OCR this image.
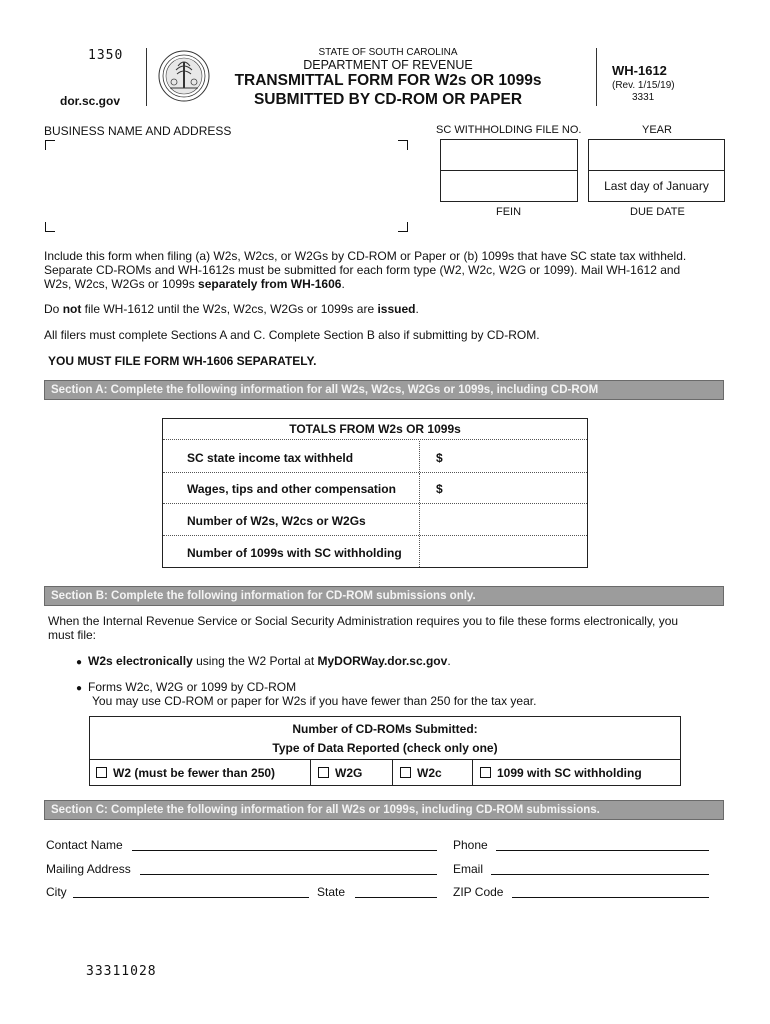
1350
dor.sc.gov
STATE OF SOUTH CAROLINA
DEPARTMENT OF REVENUE
TRANSMITTAL FORM FOR W2s OR 1099s
SUBMITTED BY CD-ROM OR PAPER
WH-1612
(Rev. 1/15/19)
3331
BUSINESS NAME AND ADDRESS	SC WITHHOLDING FILE NO.	YEAR
Last day of January
FEIN	DUE DATE
Include this form when filing (a) W2s, W2cs, or W2Gs by CD-ROM or Paper or (b) 1099s that have SC state tax withheld.
Separate CD-ROMs and WH-1612s must be submitted for each form type (W2, W2c, W2G or 1099). Mail WH-1612 and
W2s, W2cs, W2Gs or 1099s separately from WH-1606.
Do not file WH-1612 until the W2s, W2cs, W2Gs or 1099s are issued.
All filers must complete Sections A and C. Complete Section B also if submitting by CD-ROM.
YOU MUST FILE FORM WH-1606 SEPARATELY.
Section A: Complete the following information for all W2s, W2cs, W2Gs or 1099s, including CD-ROM
TOTALS FROM W2s OR 1099s
SC state income tax withheld	$
Wages, tips and other compensation	$
Number of W2s, W2cs or W2Gs
Number of 1099s with SC withholding
Section B: Complete the following information for CD-ROM submissions only.
When the Internal Revenue Service or Social Security Administration requires you to file these forms electronically, you
must file:
● W2s electronically using the W2 Portal at MyDORWay.dor.sc.gov.
● Forms W2c, W2G or 1099 by CD-ROM
You may use CD-ROM or paper for W2s if you have fewer than 250 for the tax year.
Number of CD-ROMs Submitted:
Type of Data Reported (check only one)
W2 (must be fewer than 250)	W2G	W2c	1099 with SC withholding
Section C: Complete the following information for all W2s or 1099s, including CD-ROM submissions.
Contact Name	Phone
Mailing Address	Email
City	State	ZIP Code
33311028
